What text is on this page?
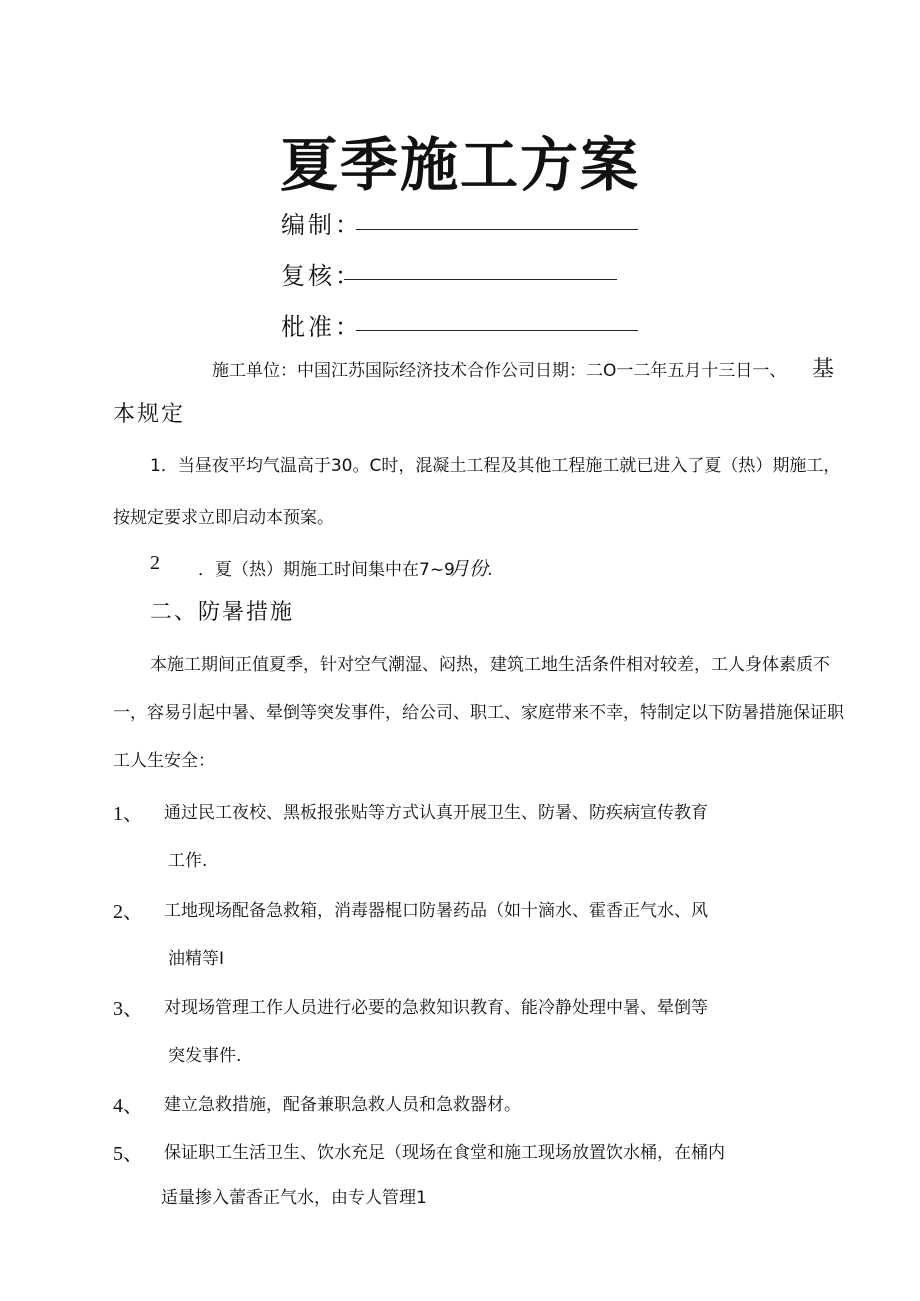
夏季施工方案
编制：
复核：
枇准：
施工单位：中国江苏国际经济技术合作公司日期：二O一二年五月十三日一、 基
本规定
1．当昼夜平均气温高于30。C时，混凝土工程及其他工程施工就已进入了夏（热）期施工，
按规定要求立即启动本预案。
2 ．夏（热）期施工时间集中在7~9
月份.
二、防暑措施
本施工期间正值夏季，针对空气潮湿、闷热，建筑工地生活条件相对较差，工人身体素质不
一，容易引起中暑、晕倒等突发事件，给公司、职工、家庭带来不幸，特制定以下防暑措施保证职
工人生安全：
1、 通过民工夜校、黑板报张贴等方式认真开展卫生、防暑、防疾病宣传教育
工作.
2、 工地现场配备急救箱，消毒器棍口防暑药品（如十滴水、霍香正气水、风
油精等I
3、 对现场管理工作人员进行必要的急救知识教育、能冷静处理中暑、晕倒等
突发事件.
4、 建立急救措施，配备兼职急救人员和急救器材。
5、 保证职工生活卫生、饮水充足（现场在食堂和施工现场放置饮水桶，在桶内
适量掺入蕾香正气水，由专人管理1
